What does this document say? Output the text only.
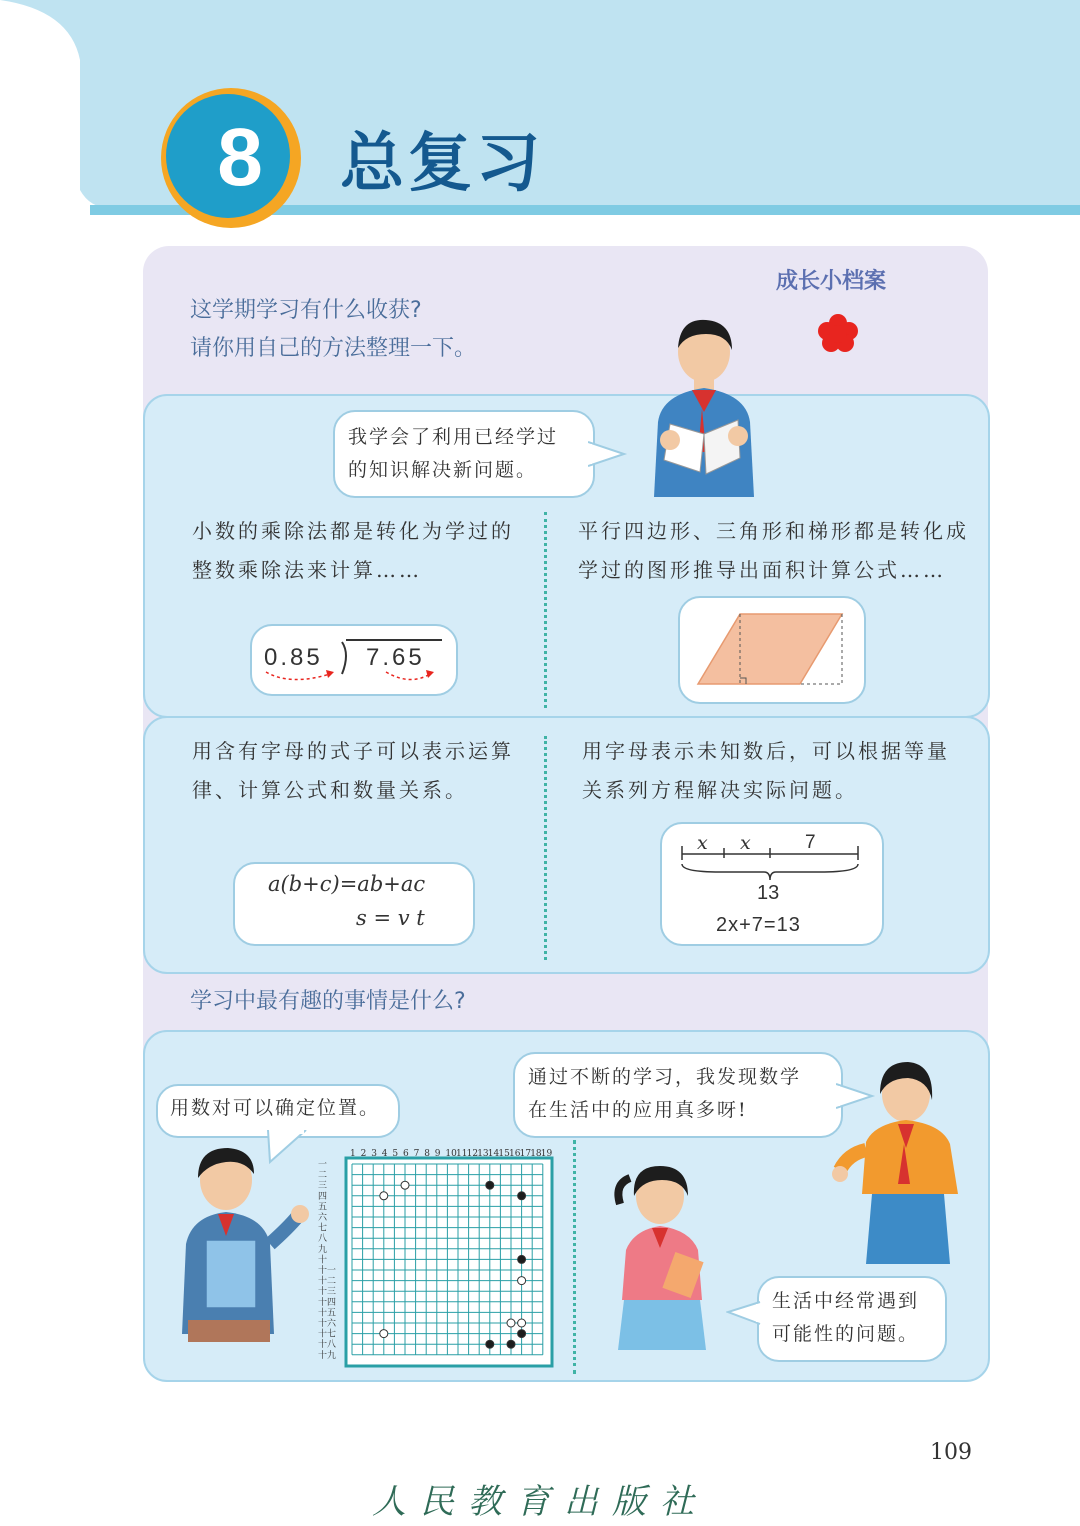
8	总复习
成长小档案
这学期学习有什么收获?
请你用自己的方法整理一下。
我学会了利用已经学过
的知识解决新问题。
小数的乘除法都是转化为学过的
整数乘除法来计算……
0.85 7.65
平行四边形、三角形和梯形都是转化成
学过的图形推导出面积计算公式……
用含有字母的式子可以表示运算
律、计算公式和数量关系。
a(b+c)=ab+ac
s = v t
用字母表示未知数后，可以根据等量
关系列方程解决实际问题。
x x	7
13
2x+7=13
学习中最有趣的事情是什么?
用数对可以确定位置。
1 2 3 4 5 6 7 8 9 10 11 12 13 14 15 16 17 18 19
一
二
三
四
五
六
七
八
九
十
十一
十二
十三
十四
十五
十六
十七
十八
十九
通过不断的学习，我发现数学
在生活中的应用真多呀!
生活中经常遇到
可能性的问题。
109
人民教育出版社
